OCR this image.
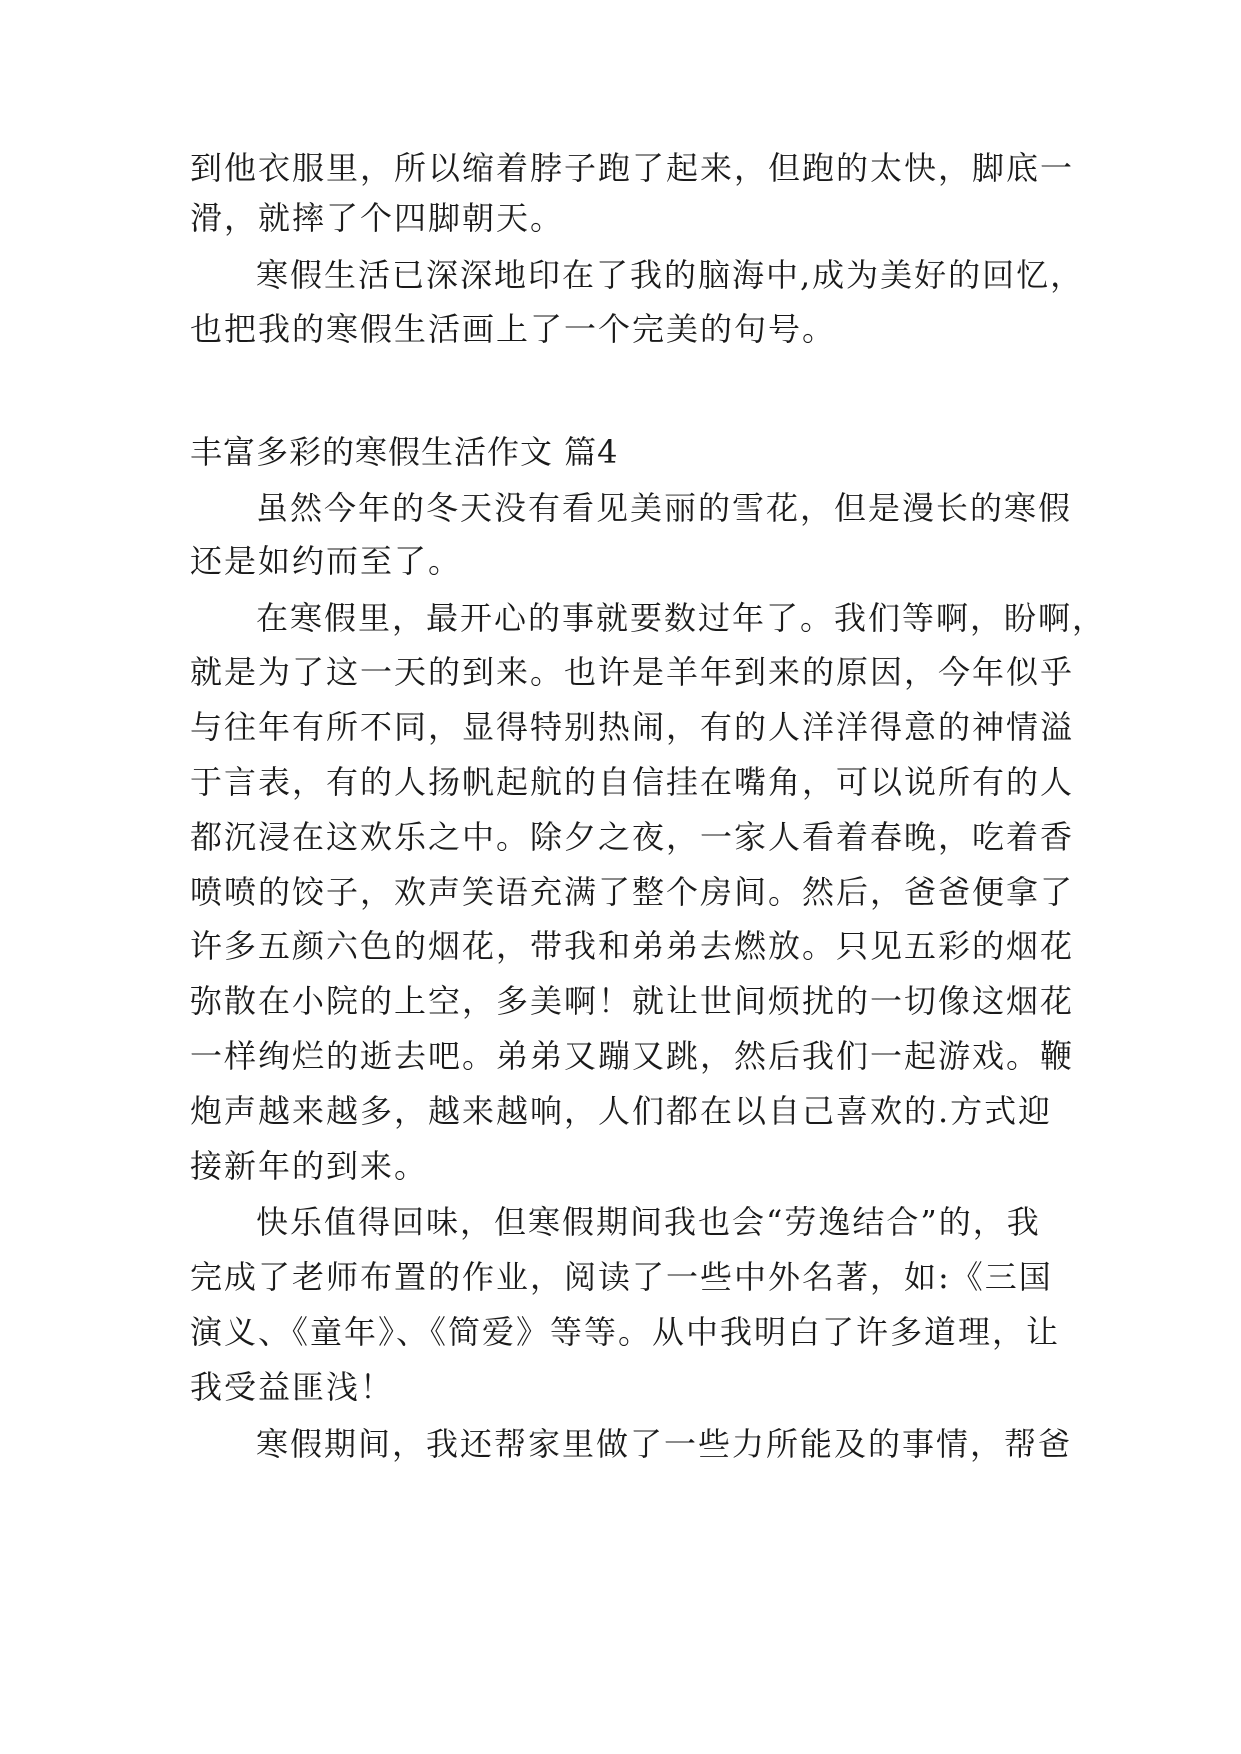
到他衣服里，所以缩着脖子跑了起来，但跑的太快，脚底一
滑，就摔了个四脚朝天。
寒假生活已深深地印在了我的脑海中,成为美好的回忆，
也把我的寒假生活画上了一个完美的句号。
丰富多彩的寒假生活作文 篇4
虽然今年的冬天没有看见美丽的雪花，但是漫长的寒假
还是如约而至了。
在寒假里，最开心的事就要数过年了。我们等啊，盼啊，
就是为了这一天的到来。也许是羊年到来的原因，今年似乎
与往年有所不同，显得特别热闹，有的人洋洋得意的神情溢
于言表，有的人扬帆起航的自信挂在嘴角，可以说所有的人
都沉浸在这欢乐之中。除夕之夜，一家人看着春晚，吃着香
喷喷的饺子，欢声笑语充满了整个房间。然后，爸爸便拿了
许多五颜六色的烟花，带我和弟弟去燃放。只见五彩的烟花
弥散在小院的上空，多美啊！就让世间烦扰的一切像这烟花
一样绚烂的逝去吧。弟弟又蹦又跳，然后我们一起游戏。鞭
炮声越来越多，越来越响，人们都在以自己喜欢的.方式迎
接新年的到来。
快乐值得回味，但寒假期间我也会“劳逸结合”的，我
完成了老师布置的作业，阅读了一些中外名著，如:《三国
演义、《童年》、《简爱》等等。从中我明白了许多道理，让
我受益匪浅！
寒假期间，我还帮家里做了一些力所能及的事情，帮爸
